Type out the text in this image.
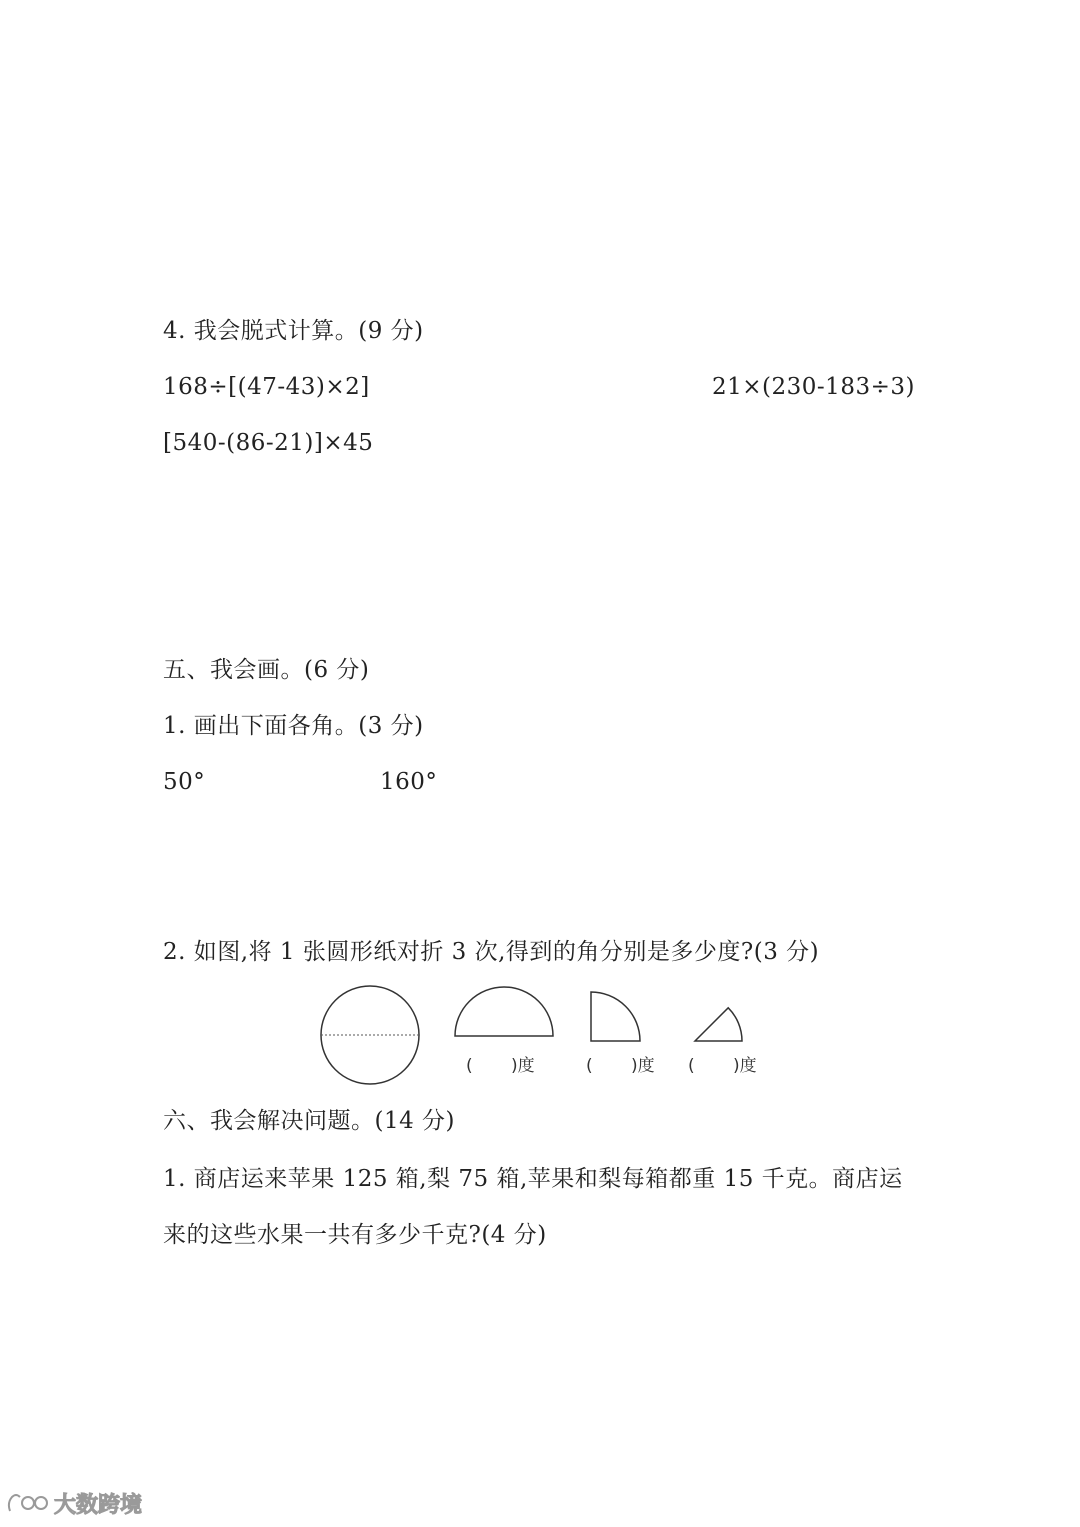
4. 我会脱式计算。(9 分)
168÷[(47-43)×2]	21×(230-183÷3)
[540-(86-21)]×45
五、我会画。(6 分)
1. 画出下面各角。(3 分)
50°	160°
2. 如图,将 1 张圆形纸对折 3 次,得到的角分别是多少度?(3 分)
( )度	( )度 ( )度
六、我会解决问题。(14 分)
1. 商店运来苹果 125 箱,梨 75 箱,苹果和梨每箱都重 15 千克。商店运
来的这些水果一共有多少千克?(4 分)
大数跨境
